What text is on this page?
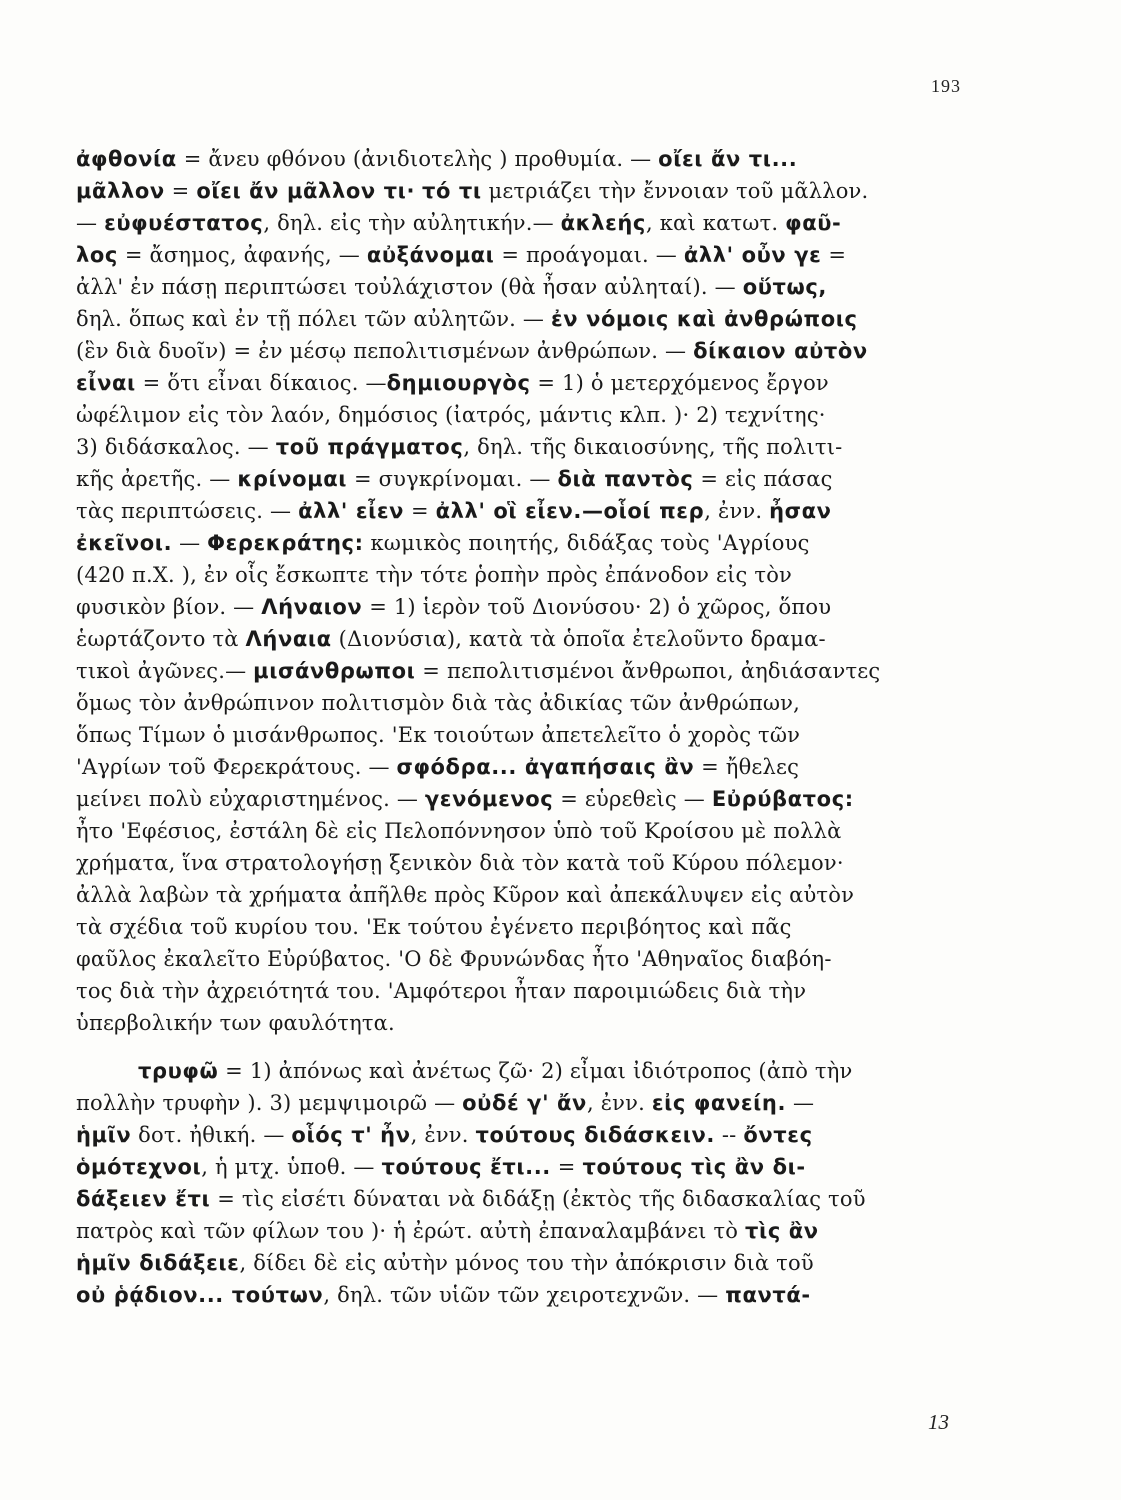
193
ἀφθονία = ἄνευ φθόνου (ἀνιδιοτελὴς ) προθυμία. — οἴει ἄν τι...
μᾶλλον = οἴει ἄν μᾶλλον τι· τό τι μετριάζει τὴν ἔννοιαν τοῦ μᾶλλον.
— εὐφυέστατος, δηλ. εἰς τὴν αὐλητικήν.— ἀκλεής, καὶ κατωτ. φαῦ-
λος = ἄσημος, ἀφανής, — αὐξάνομαι = προάγομαι. — ἀλλ' οὖν γε =
ἀλλ' ἐν πάσῃ περιπτώσει τοὐλάχιστον (θὰ ἦσαν αὐληταί). — οὕτως,
δηλ. ὅπως καὶ ἐν τῇ πόλει τῶν αὐλητῶν. — ἐν νόμοις καὶ ἀνθρώποις
(ἓν διὰ δυοῖν) = ἐν μέσῳ πεπολιτισμένων ἀνθρώπων. — δίκαιον αὐτὸν
εἶναι = ὅτι εἶναι δίκαιος. —δημιουργὸς = 1) ὁ μετερχόμενος ἔργον
ὠφέλιμον εἰς τὸν λαόν, δημόσιος (ἰατρός, μάντις κλπ. )· 2) τεχνίτης·
3) διδάσκαλος. — τοῦ πράγματος, δηλ. τῆς δικαιοσύνης, τῆς πολιτι-
κῆς ἀρετῆς. — κρίνομαι = συγκρίνομαι. — διὰ παντὸς = εἰς πάσας
τὰς περιπτώσεις. — ἀλλ' εἶεν = ἀλλ' οἳ εἶεν.—οἷοί περ, ἐνν. ἦσαν
ἐκεῖνοι. — Φερεκράτης: κωμικὸς ποιητής, διδάξας τοὺς 'Αγρίους
(420 π.Χ. ), ἐν οἷς ἔσκωπτε τὴν τότε ῥοπὴν πρὸς ἐπάνοδον εἰς τὸν
φυσικὸν βίον. — Λήναιον = 1) ἱερὸν τοῦ Διονύσου· 2) ὁ χῶρος, ὅπου
ἑωρτάζοντο τὰ Λήναια (Διονύσια), κατὰ τὰ ὁποῖα ἐτελοῦντο δραμα-
τικοὶ ἀγῶνες.— μισάνθρωποι = πεπολιτισμένοι ἄνθρωποι, ἀηδιάσαντες
ὅμως τὸν ἀνθρώπινον πολιτισμὸν διὰ τὰς ἀδικίας τῶν ἀνθρώπων,
ὅπως Τίμων ὁ μισάνθρωπος. 'Εκ τοιούτων ἀπετελεῖτο ὁ χορὸς τῶν
'Αγρίων τοῦ Φερεκράτους. — σφόδρα... ἀγαπήσαις ἂν = ἤθελες
μείνει πολὺ εὐχαριστημένος. — γενόμενος = εὑρεθεὶς — Εὐρύβατος:
ἦτο 'Εφέσιος, ἐστάλη δὲ εἰς Πελοπόννησον ὑπὸ τοῦ Κροίσου μὲ πολλὰ
χρήματα, ἵνα στρατολογήσῃ ξενικὸν διὰ τὸν κατὰ τοῦ Κύρου πόλεμον·
ἀλλὰ λαβὼν τὰ χρήματα ἀπῆλθε πρὸς Κῦρον καὶ ἀπεκάλυψεν εἰς αὐτὸν
τὰ σχέδια τοῦ κυρίου του. 'Εκ τούτου ἐγένετο περιβόητος καὶ πᾶς
φαῦλος ἐκαλεῖτο Εὐρύβατος. 'Ο δὲ Φρυνώνδας ἦτο 'Αθηναῖος διαβόη-
τος διὰ τὴν ἀχρειότητά του. 'Αμφότεροι ἦταν παροιμιώδεις διὰ τὴν
ὑπερβολικήν των φαυλότητα.
τρυφῶ = 1) ἀπόνως καὶ ἀνέτως ζῶ· 2) εἶμαι ἰδιότροπος (ἀπὸ τὴν
πολλὴν τρυφὴν ). 3) μεμψιμοιρῶ — οὐδέ γ' ἄν, ἐνν. εἰς φανείη. —
ἡμῖν δοτ. ἠθική. — οἷός τ' ἦν, ἐνν. τούτους διδάσκειν. -- ὄντες
ὁμότεχνοι, ἡ μτχ. ὑποθ. — τούτους ἔτι... = τούτους τὶς ἂν δι-
δάξειεν ἔτι = τὶς εἰσέτι δύναται νὰ διδάξῃ (ἐκτὸς τῆς διδασκαλίας τοῦ
πατρὸς καὶ τῶν φίλων του )· ἡ ἐρώτ. αὐτὴ ἐπαναλαμβάνει τὸ τὶς ἂν
ἡμῖν διδάξειε, δίδει δὲ εἰς αὐτὴν μόνος του τὴν ἀπόκρισιν διὰ τοῦ
οὐ ῥᾴδιον... τούτων, δηλ. τῶν υἱῶν τῶν χειροτεχνῶν. — παντά-
13
